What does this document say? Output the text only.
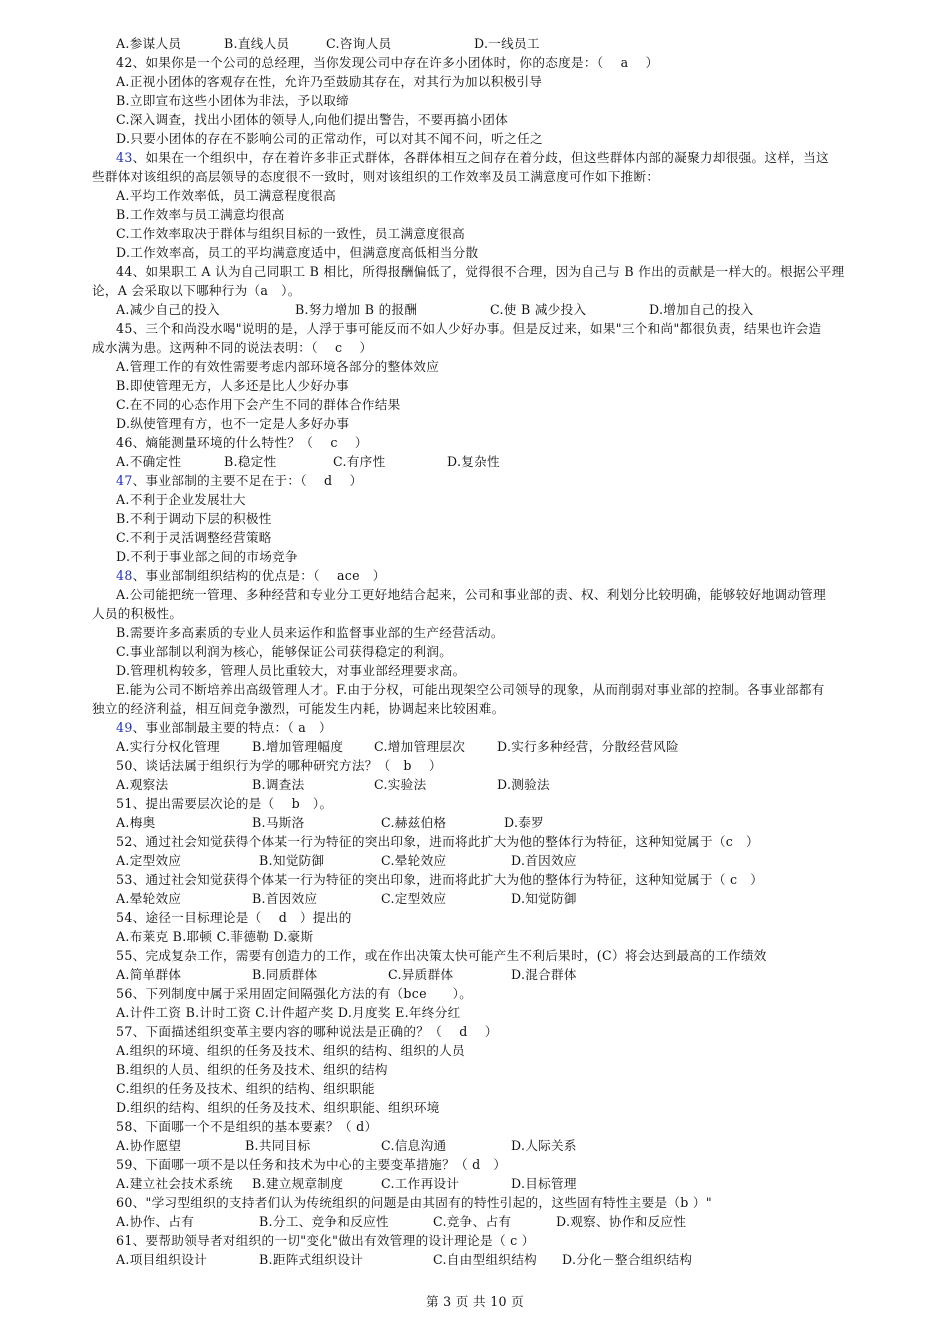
A.参谋人员

	B.直线人员

	C.咨询人员

	D.一线员工

42、如果你是一个公司的总经理，当你发现公司中存在许多小团体时，你的态度是：（　 a　 ）
A.正视小团体的客观存在性，允许乃至鼓励其存在，对其行为加以积极引导
B.立即宣布这些小团体为非法，予以取缔
C.深入调查，找出小团体的领导人,向他们提出警告，不要再搞小团体
D.只要小团体的存在不影响公司的正常动作，可以对其不闻不问，听之任之
43、如果在一个组织中，存在着许多非正式群体，各群体相互之间存在着分歧，但这些群体内部的凝聚力却很强。这样，当这
些群体对该组织的高层领导的态度很不一致时，则对该组织的工作效率及员工满意度可作如下推断：
A.平均工作效率低，员工满意程度很高
B.工作效率与员工满意均很高
C.工作效率取决于群体与组织目标的一致性，员工满意度很高
D.工作效率高，员工的平均满意度适中，但满意度高低相当分散
44、如果职工 A 认为自己同职工 B 相比，所得报酬偏低了，觉得很不合理，因为自己与 B 作出的贡献是一样大的。根据公平理
论，A 会采取以下哪种行为（a　）。

A.减少自己的投入

	B.努力增加 B 的报酬

	C.使 B 减少投入

	D.增加自己的投入

45、三个和尚没水喝"说明的是，人浮于事可能反而不如人少好办事。但是反过来，如果"三个和尚"都很负责，结果也许会造
成水满为患。这两种不同的说法表明：（　 c　 ）
A.管理工作的有效性需要考虑内部环境各部分的整体效应
B.即使管理无方，人多还是比人少好办事
C.在不同的心态作用下会产生不同的群体合作结果
D.纵使管理有方，也不一定是人多好办事
46、熵能测量环境的什么特性？（　 c　 ）

A.不确定性

	B.稳定性

	C.有序性

	D.复杂性

47、事业部制的主要不足在于：（　 d　 ）
A.不利于企业发展壮大
B.不利于调动下层的积极性
C.不利于灵活调整经营策略
D.不利于事业部之间的市场竞争
48、事业部制组织结构的优点是：（　 ace　）
A.公司能把统一管理、多种经营和专业分工更好地结合起来，公司和事业部的责、权、利划分比较明确，能够较好地调动管理
人员的积极性。
B.需要许多高素质的专业人员来运作和监督事业部的生产经营活动。
C.事业部制以利润为核心，能够保证公司获得稳定的利润。
D.管理机构较多，管理人员比重较大，对事业部经理要求高。
E.能为公司不断培养出高级管理人才。F.由于分权，可能出现架空公司领导的现象，从而削弱对事业部的控制。各事业部都有
独立的经济利益，相互间竞争激烈，可能发生内耗，协调起来比较困难。
49、事业部制最主要的特点：（ a　）

A.实行分权化管理

	B.增加管理幅度

C.增加管理层次

	D.实行多种经营，分散经营风险

50、谈话法属于组织行为学的哪种研究方法？（　b　 ）

A.观察法

	B.调查法

	C.实验法

	D.测验法

51、提出需要层次论的是（　 b　）。

A.梅奥

	B.马斯洛

	C.赫兹伯格

	D.泰罗

52、通过社会知觉获得个体某一行为特征的突出印象，进而将此扩大为他的整体行为特征，这种知觉属于（c　）

A.定型效应

	B.知觉防御

	C.晕轮效应

	D.首因效应

53、通过社会知觉获得个体某一行为特征的突出印象，进而将此扩大为他的整体行为特征，这种知觉属于（ c　）

A.晕轮效应

	B.首因效应

	C.定型效应

	D.知觉防御

54、途径一目标理论是（　 d　）提出的
A.布莱克 B.耶顿 C.菲德勒 D.豪斯
55、完成复杂工作，需要有创造力的工作，或在作出决策太快可能产生不利后果时，(C）将会达到最高的工作绩效

A.简单群体

	B.同质群体

	C.异质群体

	D.混合群体

56、下列制度中属于采用固定间隔强化方法的有（bce　　）。
A.计件工资 B.计时工资 C.计件超产奖 D.月度奖 E.年终分红
57、下面描述组织变革主要内容的哪种说法是正确的？（　 d　 ）
A.组织的环境、组织的任务及技术、组织的结构、组织的人员
B.组织的人员、组织的任务及技术、组织的结构
C.组织的任务及技术、组织的结构、组织职能
D.组织的结构、组织的任务及技术、组织职能、组织环境
58、下面哪一个不是组织的基本要素？（ d）

A.协作愿望

	B.共同目标

	C.信息沟通

	D.人际关系

59、下面哪一项不是以任务和技术为中心的主要变革措施？（ d　）

A.建立社会技术系统

B.建立规章制度

	C.工作再设计

	D.目标管理

60、"学习型组织的支持者们认为传统组织的问题是由其固有的特性引起的，这些固有特性主要是（b ）"

A.协作、占有

	B.分工、竞争和反应性

	C.竞争、占有

	D.观察、协作和反应性

61、要帮助领导者对组织的一切"变化"做出有效管理的设计理论是（ c ）

A.项目组织设计

	B.距阵式组织设计

	C.自由型组织结构

D.分化－整合组织结构

第 3 页 共 10 页
